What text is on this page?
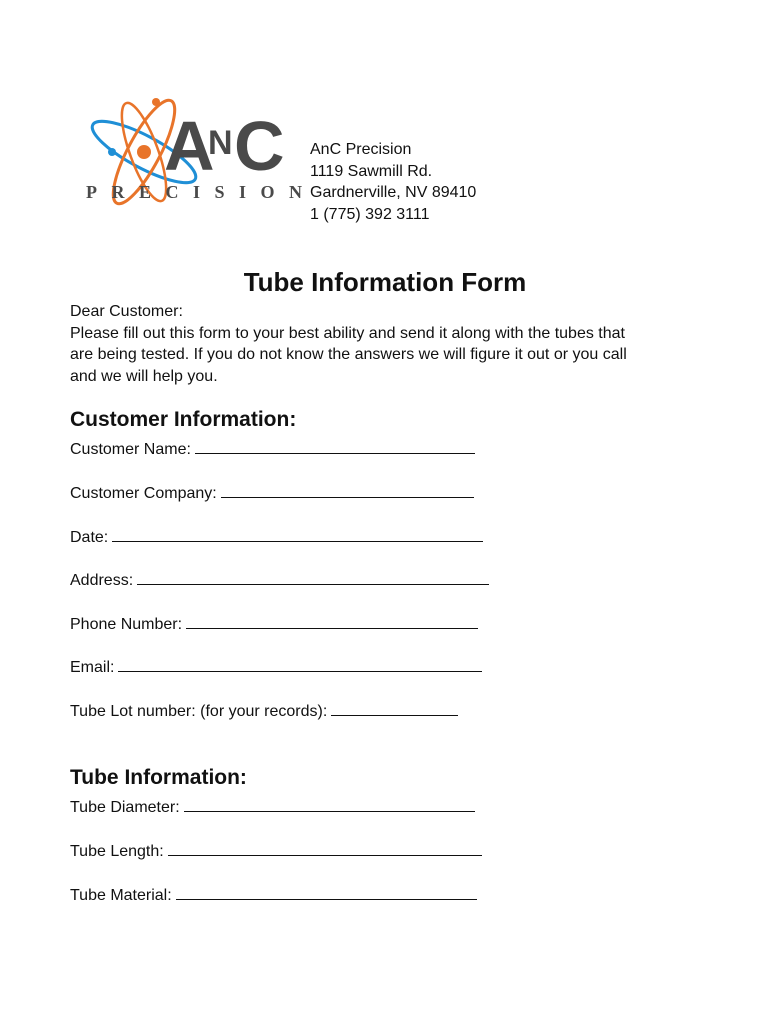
A
N C
PRECISION
AnC Precision
1119 Sawmill Rd.
Gardnerville, NV 89410
1 (775) 392 3111
Tube Information Form
Dear Customer:
Please fill out this form to your best ability and send it along with the tubes that
are being tested. If you do not know the answers we will figure it out or you call
and we will help you.
Customer Information:
Customer Name:
Customer Company:
Date:
Address:
Phone Number:
Email:
Tube Lot number: (for your records):
Tube Information:
Tube Diameter:
Tube Length:
Tube Material:
